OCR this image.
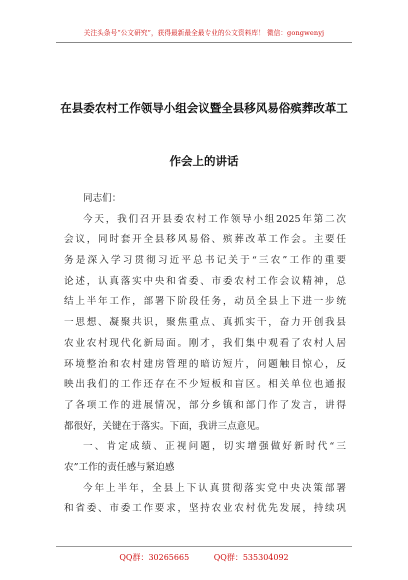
关注头条号“公文研究”，获得最新最全最专业的公文资料库！ 微信：gongwenyj
在县委农村工作领导小组会议暨全县移风易俗殡葬改革工
作会上的讲话
同志们：
今天，我们召开县委农村工作领导小组2025年第二次
会议，同时套开全县移风易俗、殡葬改革工作会。主要任
务是深入学习贯彻习近平总书记关于“三农”工作的重要
论述，认真落实中央和省委、市委农村工作会议精神，总
结上半年工作，部署下阶段任务，动员全县上下进一步统
一思想、凝聚共识，聚焦重点、真抓实干，奋力开创我县
农业农村现代化新局面。刚才，我们集中观看了农村人居
环境整治和农村建房管理的暗访短片，问题触目惊心，反
映出我们的工作还存在不少短板和盲区。相关单位也通报
了各项工作的进展情况，部分乡镇和部门作了发言，讲得
都很好，关键在于落实。下面，我讲三点意见。
一、肯定成绩、正视问题，切实增强做好新时代“三
农”工作的责任感与紧迫感
今年上半年，全县上下认真贯彻落实党中央决策部署
和省委、市委工作要求，坚持农业农村优先发展，持续巩
QQ群：30265665	QQ群：535304092
